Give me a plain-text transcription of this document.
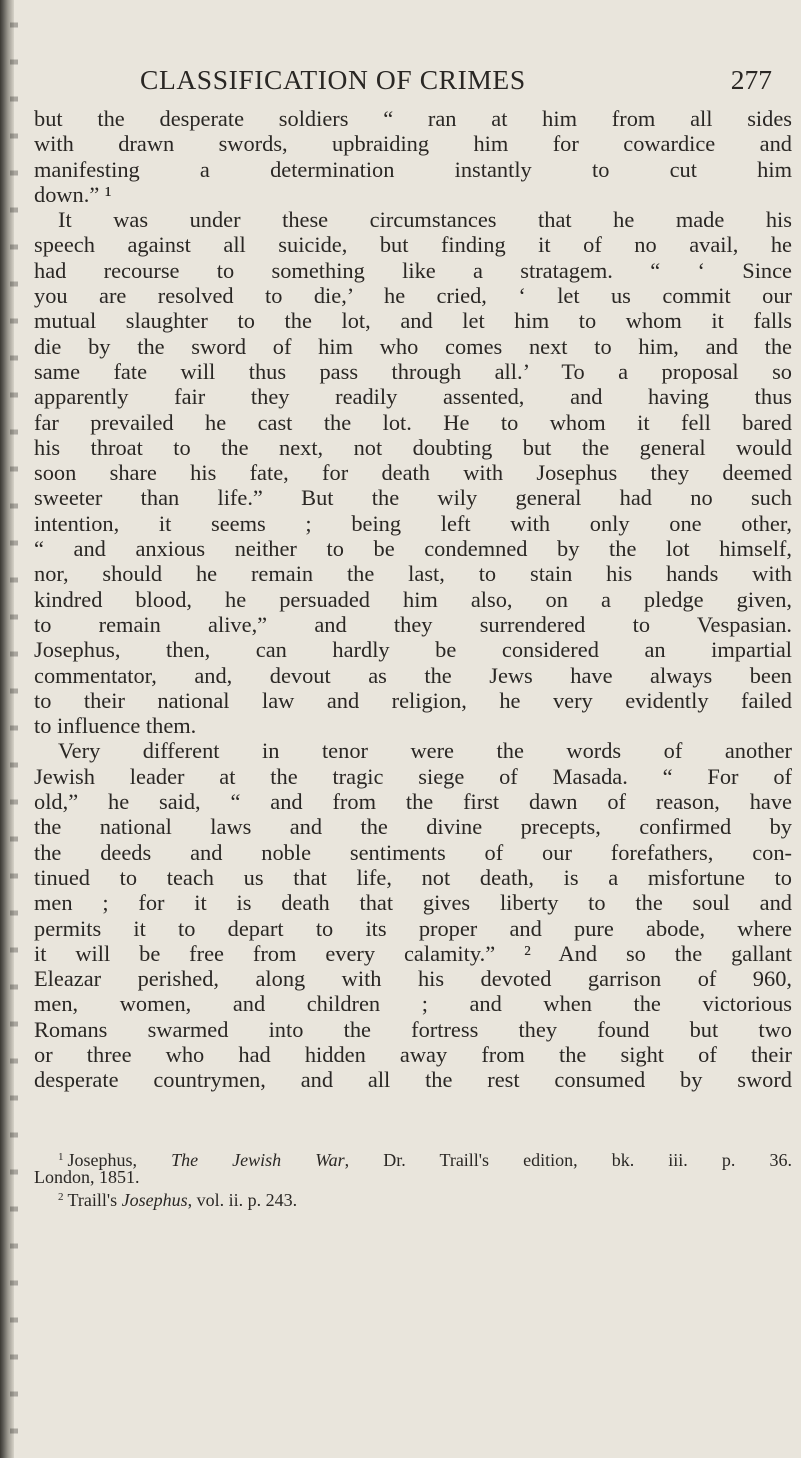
CLASSIFICATION OF CRIMES	277
but the desperate soldiers “ ran at him from all sides
with drawn swords, upbraiding him for cowardice and
manifesting a determination instantly to cut him
down.” ¹
It was under these circumstances that he made his
speech against all suicide, but finding it of no avail, he
had recourse to something like a stratagem. “ ‘ Since
you are resolved to die,’ he cried, ‘ let us commit our
mutual slaughter to the lot, and let him to whom it falls
die by the sword of him who comes next to him, and the
same fate will thus pass through all.’ To a proposal so
apparently fair they readily assented, and having thus
far prevailed he cast the lot. He to whom it fell bared
his throat to the next, not doubting but the general would
soon share his fate, for death with Josephus they deemed
sweeter than life.” But the wily general had no such
intention, it seems ; being left with only one other,
“ and anxious neither to be condemned by the lot himself,
nor, should he remain the last, to stain his hands with
kindred blood, he persuaded him also, on a pledge given,
to remain alive,” and they surrendered to Vespasian.
Josephus, then, can hardly be considered an impartial
commentator, and, devout as the Jews have always been
to their national law and religion, he very evidently failed
to influence them.
Very different in tenor were the words of another
Jewish leader at the tragic siege of Masada. “ For of
old,” he said, “ and from the first dawn of reason, have
the national laws and the divine precepts, confirmed by
the deeds and noble sentiments of our forefathers, con-
tinued to teach us that life, not death, is a misfortune to
men ; for it is death that gives liberty to the soul and
permits it to depart to its proper and pure abode, where
it will be free from every calamity.” ² And so the gallant
Eleazar perished, along with his devoted garrison of 960,
men, women, and children ; and when the victorious
Romans swarmed into the fortress they found but two
or three who had hidden away from the sight of their
desperate countrymen, and all the rest consumed by sword
$^1$ Josephus, The Jewish War, Dr. Traill's edition, bk. iii. p. 36.
London, 1851.
$^2$ Traill's Josephus, vol. ii. p. 243.
